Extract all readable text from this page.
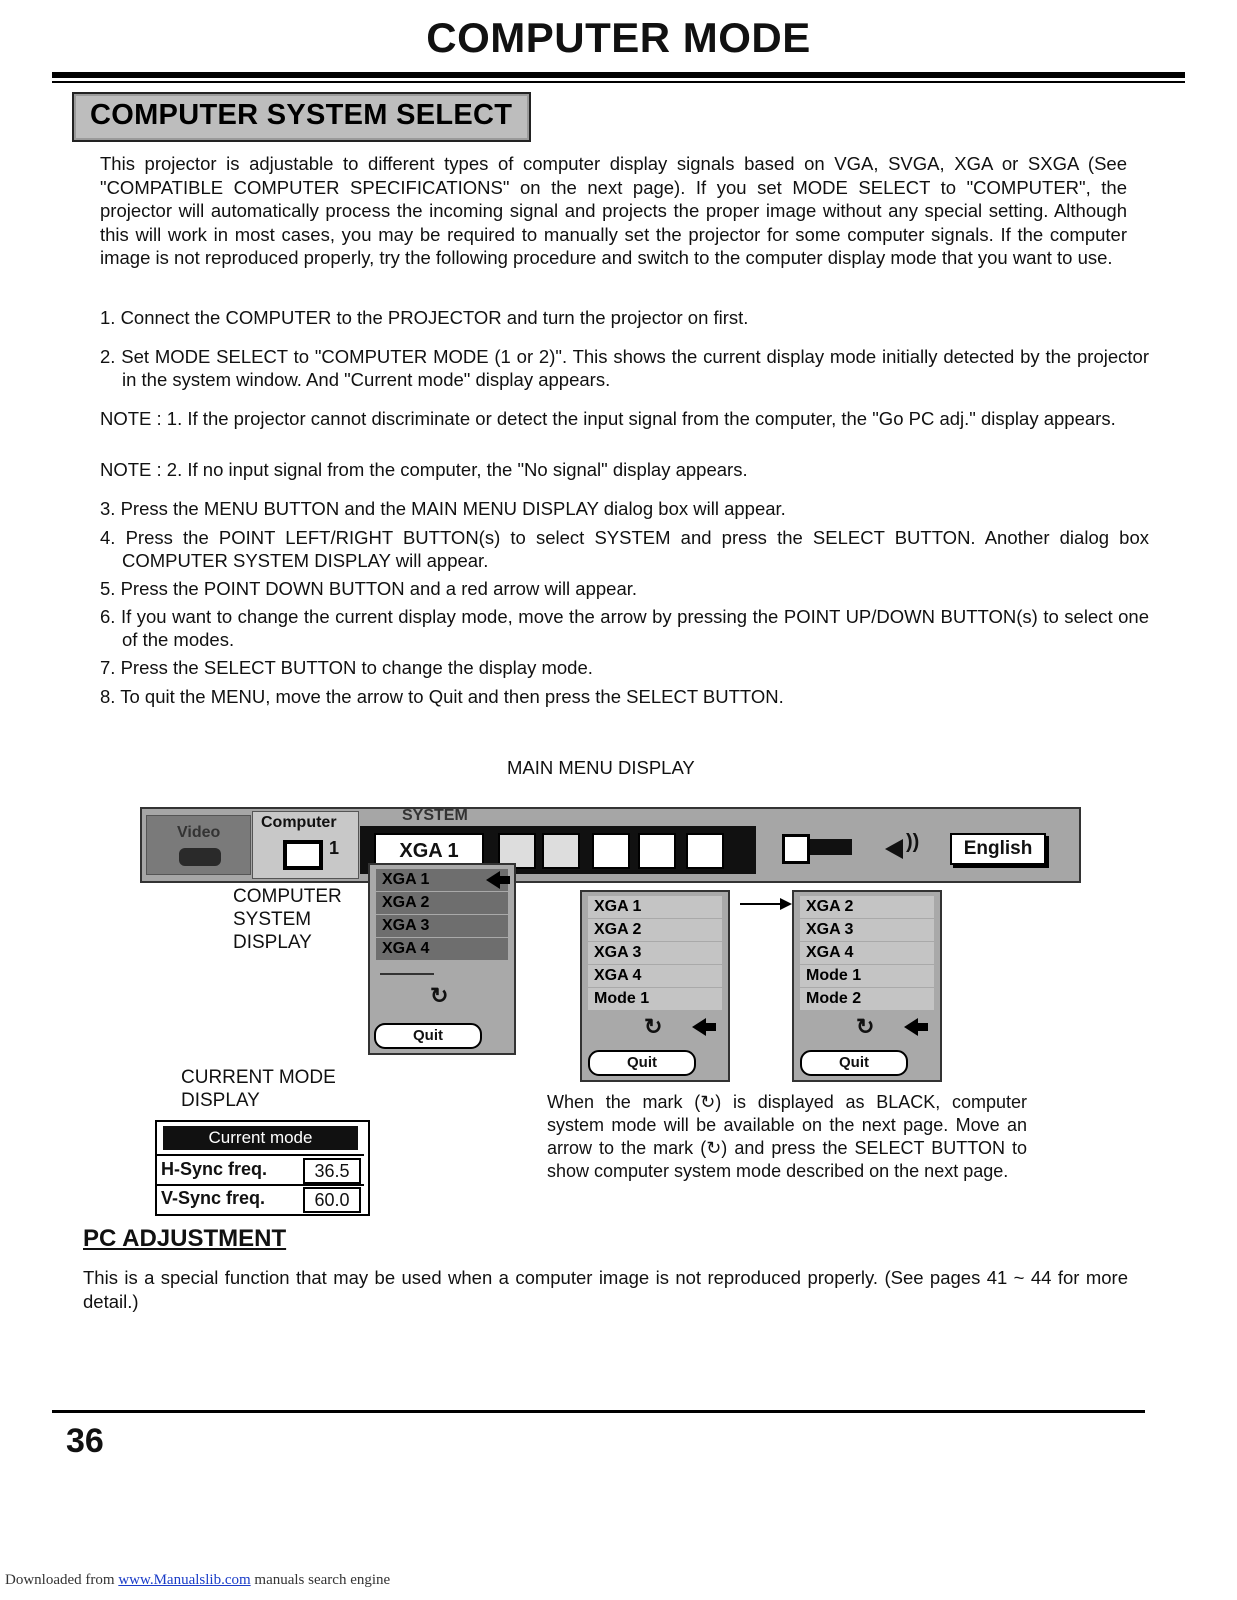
COMPUTER MODE
COMPUTER SYSTEM SELECT
This projector is adjustable to different types of computer display signals based on VGA, SVGA, XGA or SXGA (See "COMPATIBLE COMPUTER SPECIFICATIONS" on the next page). If you set MODE SELECT to "COMPUTER", the projector will automatically process the incoming signal and projects the proper image without any special setting. Although this will work in most cases, you may be required to manually set the projector for some computer signals. If the computer image is not reproduced properly, try the following procedure and switch to the computer display mode that you want to use.
1. Connect the COMPUTER to the PROJECTOR and turn the projector on first.
2. Set MODE SELECT to "COMPUTER MODE (1 or 2)". This shows the current display mode initially detected by the projector in the system window. And "Current mode" display appears.
NOTE : 1. If the projector cannot discriminate or detect the input signal from the computer, the "Go PC adj." display appears.
NOTE : 2. If no input signal from the computer, the "No signal" display appears.
3. Press the MENU BUTTON and the MAIN MENU DISPLAY dialog box will appear.
4. Press the POINT LEFT/RIGHT BUTTON(s) to select SYSTEM and press the SELECT BUTTON. Another dialog box COMPUTER SYSTEM DISPLAY will appear.
5. Press the POINT DOWN BUTTON and a red arrow will appear.
6. If you want to change the current display mode, move the arrow by pressing the POINT UP/DOWN BUTTON(s) to select one of the modes.
7. Press the SELECT BUTTON to change the display mode.
8. To quit the MENU, move the arrow to Quit and then press the SELECT BUTTON.
MAIN MENU DISPLAY
Video
Computer
1
SYSTEM
XGA 1	))	English
COMPUTER SYSTEM DISPLAY
XGA 1
XGA 2
XGA 3
XGA 4
↻
Quit
XGA 1
XGA 2
XGA 3
XGA 4
Mode 1
↻
Quit
XGA 2
XGA 3
XGA 4
Mode 1
Mode 2
↻
Quit
CURRENT MODE DISPLAY
Current mode
H-Sync freq.	36.5
V-Sync freq.	60.0
When the mark (↻) is displayed as BLACK, computer system mode will be available on the next page. Move an arrow to the mark (↻) and press the SELECT BUTTON to show computer system mode described on the next page.
PC ADJUSTMENT
This is a special function that may be used when a computer image is not reproduced properly. (See pages 41 ~ 44 for more detail.)
36
Downloaded from www.Manualslib.com manuals search engine
